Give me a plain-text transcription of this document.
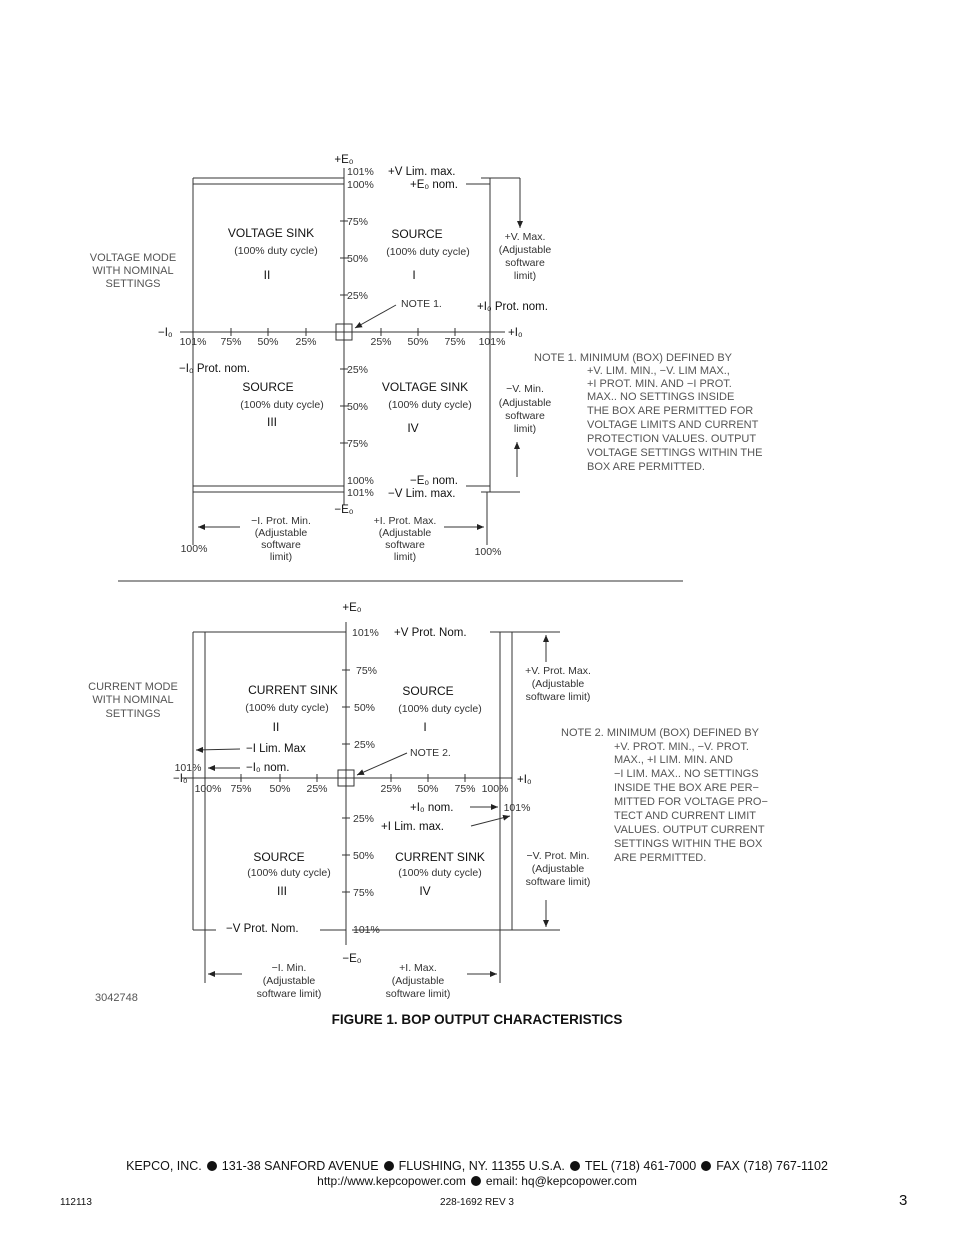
VOLTAGE MODE
WITH NOMINAL
SETTINGS
+E₀
−E₀
−I₀	+I₀
101%
100%
75%
50%
25%
25%
50%
75%
100%
101%
101% 75% 50% 25%	25% 50% 75% 101%
+V Lim. max.
+E₀ nom.
−E₀ nom.
−V Lim. max.
VOLTAGE SINK
(100% duty cycle)
II
SOURCE
(100% duty cycle)
I
SOURCE
(100% duty cycle)
III
VOLTAGE SINK
(100% duty cycle)
IV
NOTE 1.	+I₀ Prot. nom.
−I₀ Prot. nom.
+V. Max.
(Adjustable
software
limit)
−V. Min.
(Adjustable
software
limit)
−I. Prot. Min.
(Adjustable
software
limit)
+I. Prot. Max.
(Adjustable
software
limit)
100%	100%
NOTE 1. MINIMUM (BOX) DEFINED BY
+V. LIM. MIN., −V. LIM MAX.,
+I PROT. MIN. AND −I PROT.
MAX.. NO SETTINGS INSIDE
THE BOX ARE PERMITTED FOR
VOLTAGE LIMITS AND CURRENT
PROTECTION VALUES. OUTPUT
VOLTAGE SETTINGS WITHIN THE
BOX ARE PERMITTED.
CURRENT MODE
WITH NOMINAL
SETTINGS
+E₀
−E₀
−I₀	+I₀
101%
75%
50%
25%
25%
50%
75%
101%
100% 75% 50% 25%	25% 50% 75% 100%
101%
101%
+V Prot. Nom.
−V Prot. Nom.
−I Lim. Max
−I₀ nom.
+I₀ nom.
+I Lim. max.
CURRENT SINK
(100% duty cycle)
II
SOURCE
(100% duty cycle)
I
SOURCE
(100% duty cycle)
III
CURRENT SINK
(100% duty cycle)
IV
NOTE 2.
+V. Prot. Max.
(Adjustable
software limit)
−V. Prot. Min.
(Adjustable
software limit)
−I. Min.
(Adjustable
software limit)
+I. Max.
(Adjustable
software limit)
NOTE 2. MINIMUM (BOX) DEFINED BY
+V. PROT. MIN., −V. PROT.
MAX., +I LIM. MIN. AND
−I LIM. MAX.. NO SETTINGS
INSIDE THE BOX ARE PER−
MITTED FOR VOLTAGE PRO−
TECT AND CURRENT LIMIT
VALUES. OUTPUT CURRENT
SETTINGS WITHIN THE BOX
ARE PERMITTED.
3042748
FIGURE 1. BOP OUTPUT CHARACTERISTICS
KEPCO, INC. 131-38 SANFORD AVENUE FLUSHING, NY. 11355 U.S.A. TEL (718) 461-7000 FAX (718) 767-1102
http://www.kepcopower.com email: hq@kepcopower.com
112113	228-1692 REV 3	3
